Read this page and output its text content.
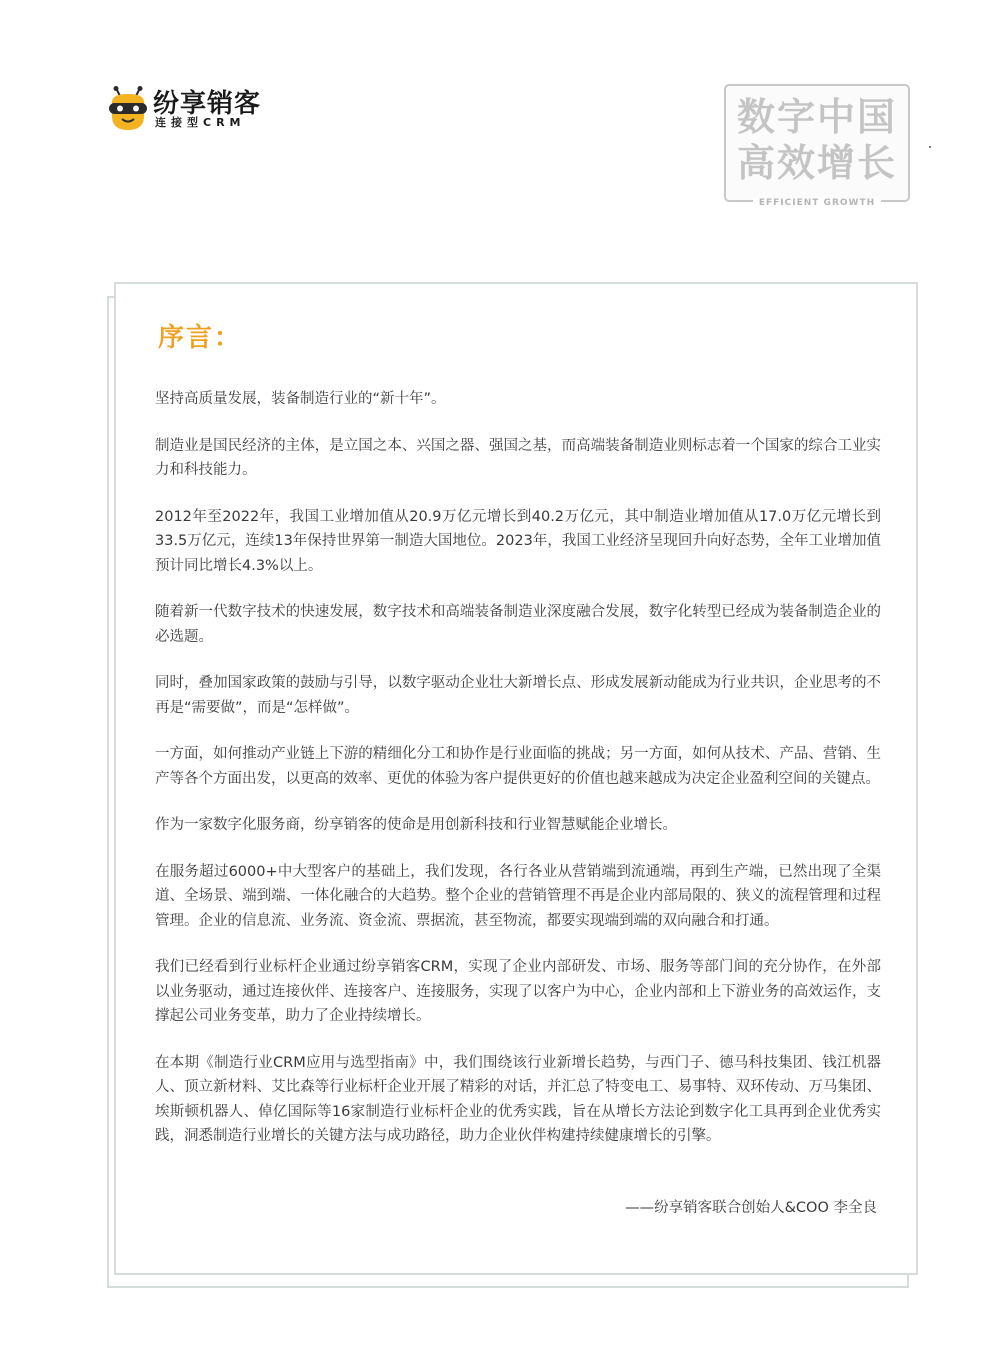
纷享销客
连接型CRM	数字中国
高效增长
EFFICIENT GROWTH
序言：

坚持高质量发展，装备制造行业的“新十年”。

制造业是国民经济的主体，是立国之本、兴国之器、强国之基，而高端装备制造业则标志着一个国家的综合工业实力和科技能力。

2012年至2022年，我国工业增加值从20.9万亿元增长到40.2万亿元，其中制造业增加值从17.0万亿元增长到33.5万亿元，连续13年保持世界第一制造大国地位。2023年，我国工业经济呈现回升向好态势，全年工业增加值预计同比增长4.3%以上。

随着新一代数字技术的快速发展，数字技术和高端装备制造业深度融合发展，数字化转型已经成为装备制造企业的必选题。

同时，叠加国家政策的鼓励与引导，以数字驱动企业壮大新增长点、形成发展新动能成为行业共识，企业思考的不再是“需要做”，而是“怎样做”。

一方面，如何推动产业链上下游的精细化分工和协作是行业面临的挑战；另一方面，如何从技术、产品、营销、生产等各个方面出发，以更高的效率、更优的体验为客户提供更好的价值也越来越成为决定企业盈利空间的关键点。

作为一家数字化服务商，纷享销客的使命是用创新科技和行业智慧赋能企业增长。

在服务超过6000+中大型客户的基础上，我们发现，各行各业从营销端到流通端，再到生产端，已然出现了全渠道、全场景、端到端、一体化融合的大趋势。整个企业的营销管理不再是企业内部局限的、狭义的流程管理和过程管理。企业的信息流、业务流、资金流、票据流，甚至物流，都要实现端到端的双向融合和打通。

我们已经看到行业标杆企业通过纷享销客CRM，实现了企业内部研发、市场、服务等部门间的充分协作，在外部以业务驱动，通过连接伙伴、连接客户、连接服务，实现了以客户为中心，企业内部和上下游业务的高效运作，支撑起公司业务变革，助力了企业持续增长。

在本期《制造行业CRM应用与选型指南》中，我们围绕该行业新增长趋势，与西门子、德马科技集团、钱江机器人、顶立新材料、艾比森等行业标杆企业开展了精彩的对话，并汇总了特变电工、易事特、双环传动、万马集团、埃斯顿机器人、倬亿国际等16家制造行业标杆企业的优秀实践，旨在从增长方法论到数字化工具再到企业优秀实践，洞悉制造行业增长的关键方法与成功路径，助力企业伙伴构建持续健康增长的引擎。

——纷享销客联合创始人&COO 李全良
